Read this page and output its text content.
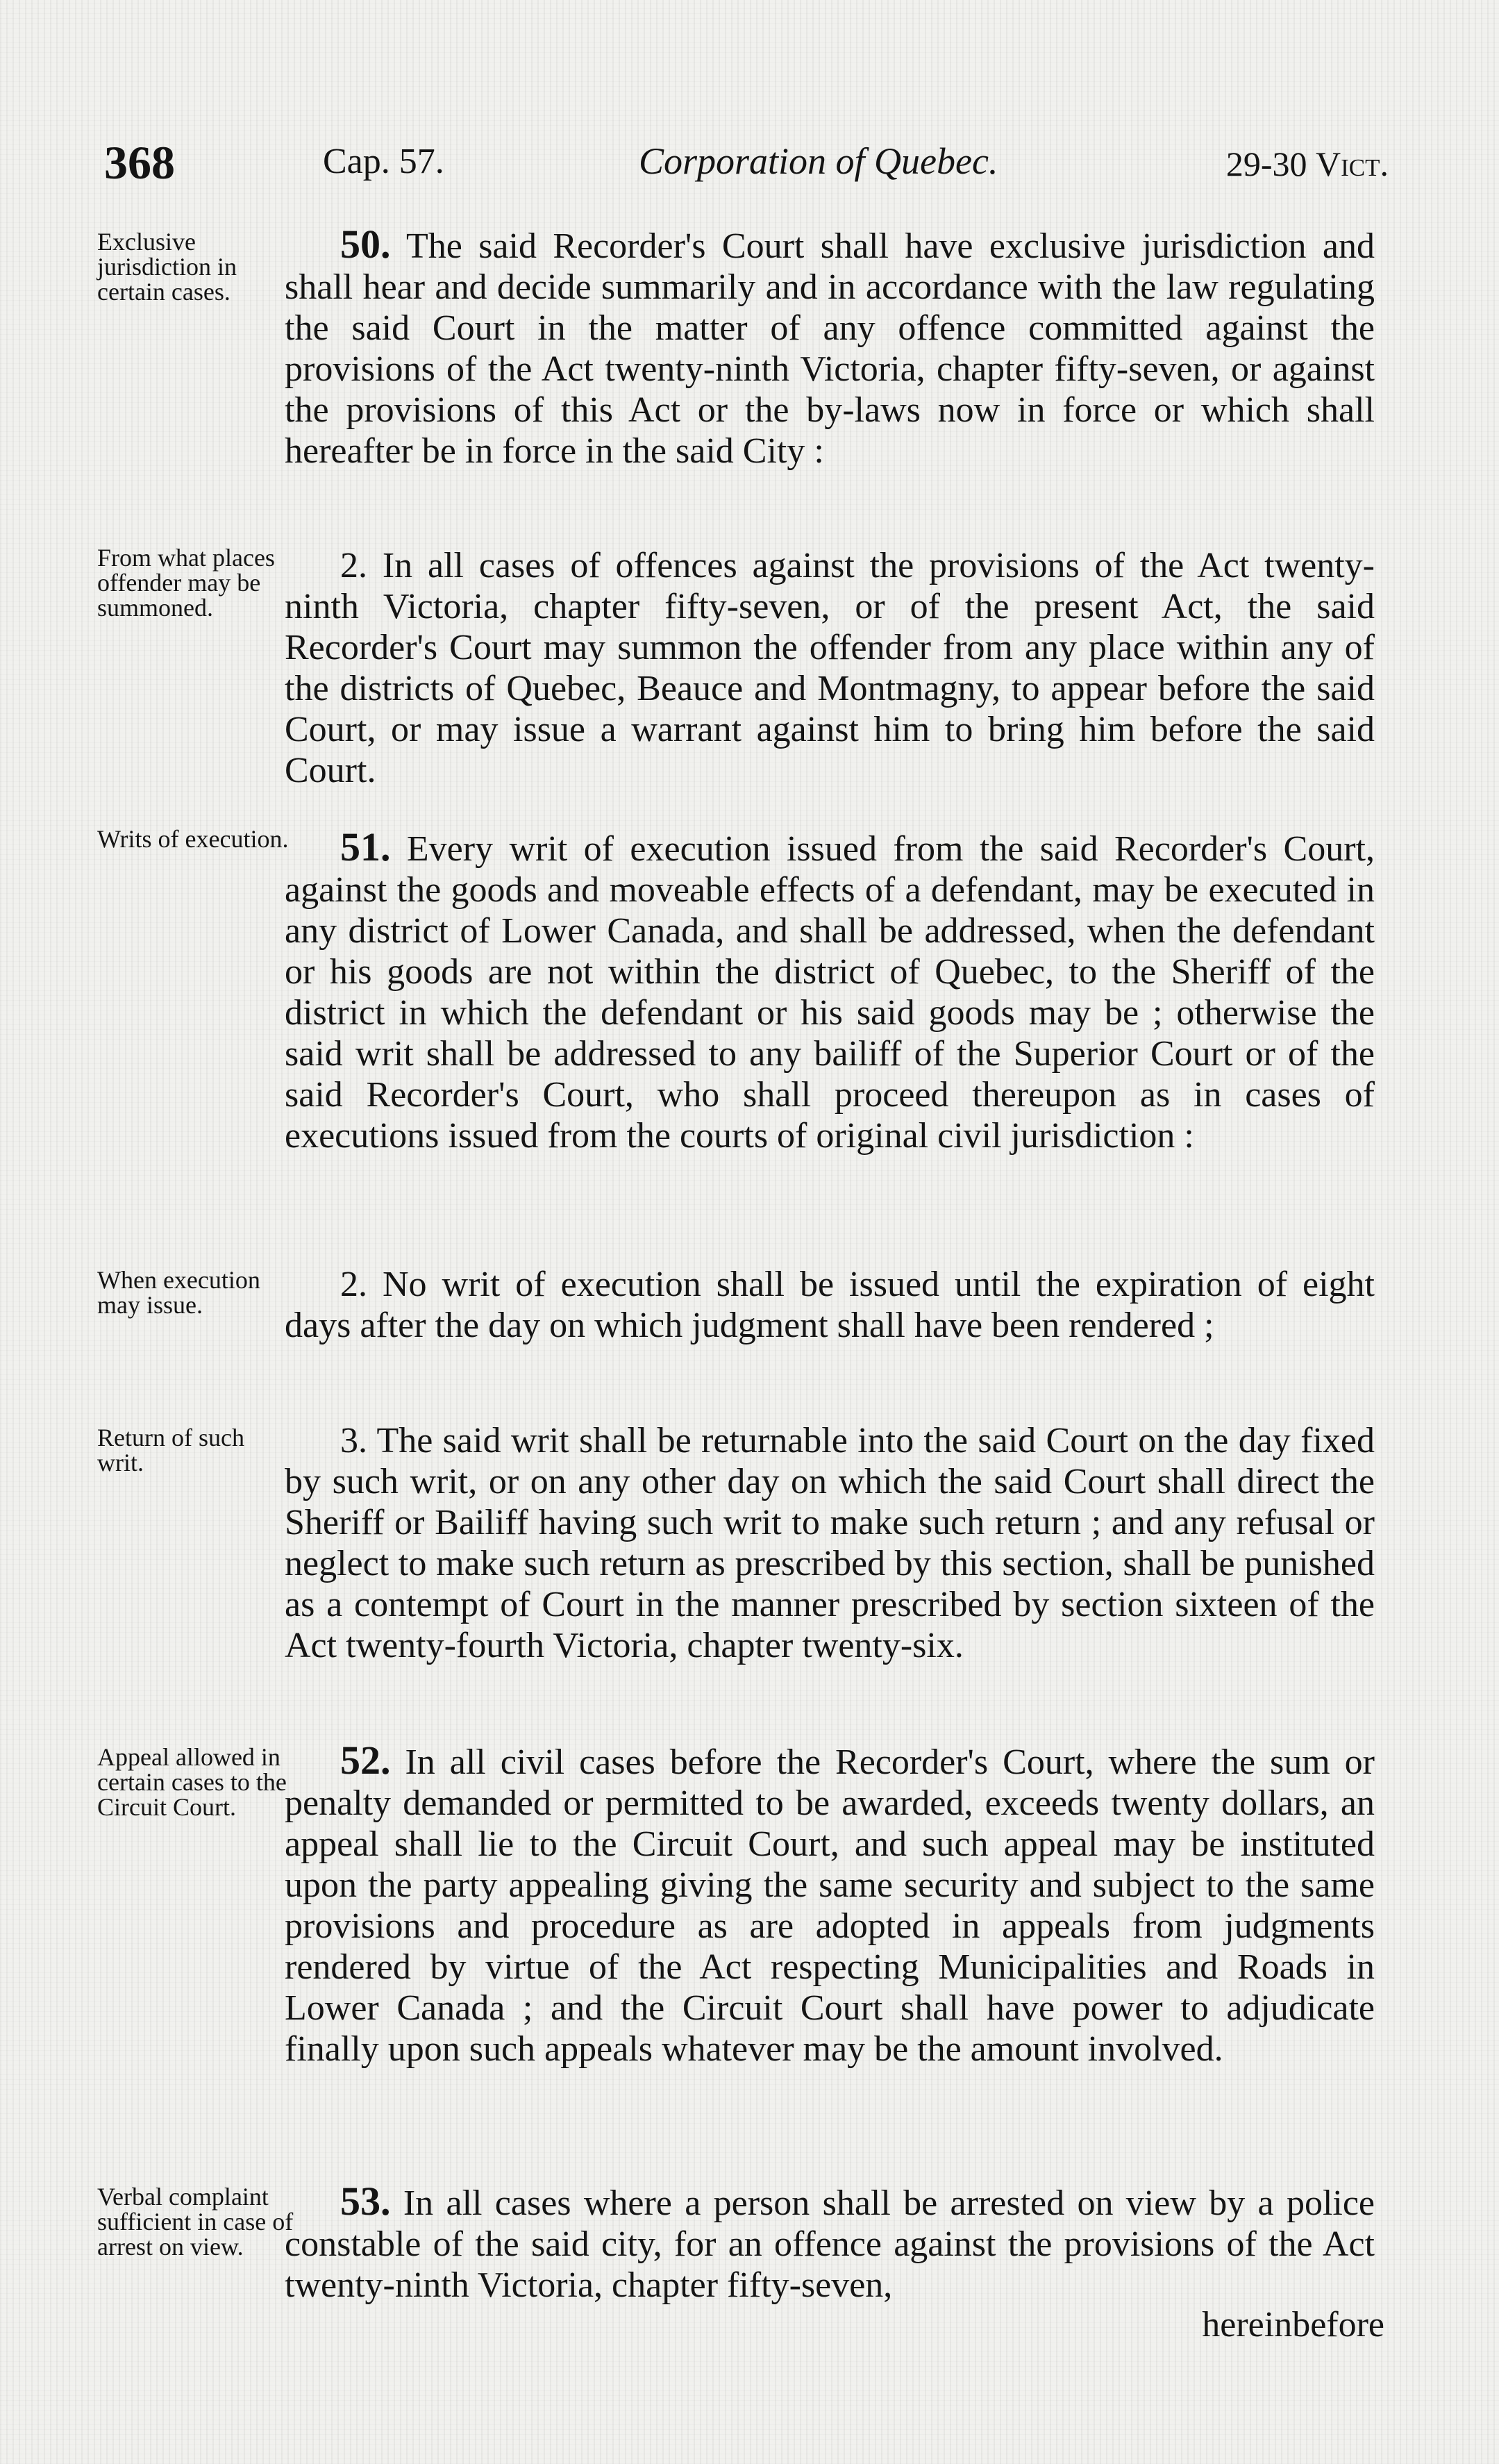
368	Cap. 57.	Corporation of Quebec.	29-30 Vict.
Exclusive jurisdiction in certain cases.
From what places offender may be summoned.
Writs of execution.
When execution may issue.
Return of such writ.
Appeal allowed in certain cases to the Circuit Court.
Verbal complaint sufficient in case of arrest on view.
50. The said Recorder's Court shall have exclusive jurisdiction and shall hear and decide summarily and in accordance with the law regulating the said Court in the matter of any offence committed against the provisions of the Act twenty-ninth Victoria, chapter fifty-seven, or against the provisions of this Act or the by-laws now in force or which shall hereafter be in force in the said City :
2. In all cases of offences against the provisions of the Act twenty-ninth Victoria, chapter fifty-seven, or of the present Act, the said Recorder's Court may summon the offender from any place within any of the districts of Quebec, Beauce and Montmagny, to appear before the said Court, or may issue a warrant against him to bring him before the said Court.
51. Every writ of execution issued from the said Recorder's Court, against the goods and moveable effects of a defendant, may be executed in any district of Lower Canada, and shall be addressed, when the defendant or his goods are not within the district of Quebec, to the Sheriff of the district in which the defendant or his said goods may be ; otherwise the said writ shall be addressed to any bailiff of the Superior Court or of the said Recorder's Court, who shall proceed thereupon as in cases of executions issued from the courts of original civil jurisdiction :
2. No writ of execution shall be issued until the expiration of eight days after the day on which judgment shall have been rendered ;
3. The said writ shall be returnable into the said Court on the day fixed by such writ, or on any other day on which the said Court shall direct the Sheriff or Bailiff having such writ to make such return ; and any refusal or neglect to make such return as prescribed by this section, shall be punished as a contempt of Court in the manner prescribed by section sixteen of the Act twenty-fourth Victoria, chapter twenty-six.
52. In all civil cases before the Recorder's Court, where the sum or penalty demanded or permitted to be awarded, exceeds twenty dollars, an appeal shall lie to the Circuit Court, and such appeal may be instituted upon the party appealing giving the same security and subject to the same provisions and procedure as are adopted in appeals from judgments rendered by virtue of the Act respecting Municipalities and Roads in Lower Canada ; and the Circuit Court shall have power to adjudicate finally upon such appeals whatever may be the amount involved.
53. In all cases where a person shall be arrested on view by a police constable of the said city, for an offence against the provisions of the Act twenty-ninth Victoria, chapter fifty-seven,
hereinbefore
